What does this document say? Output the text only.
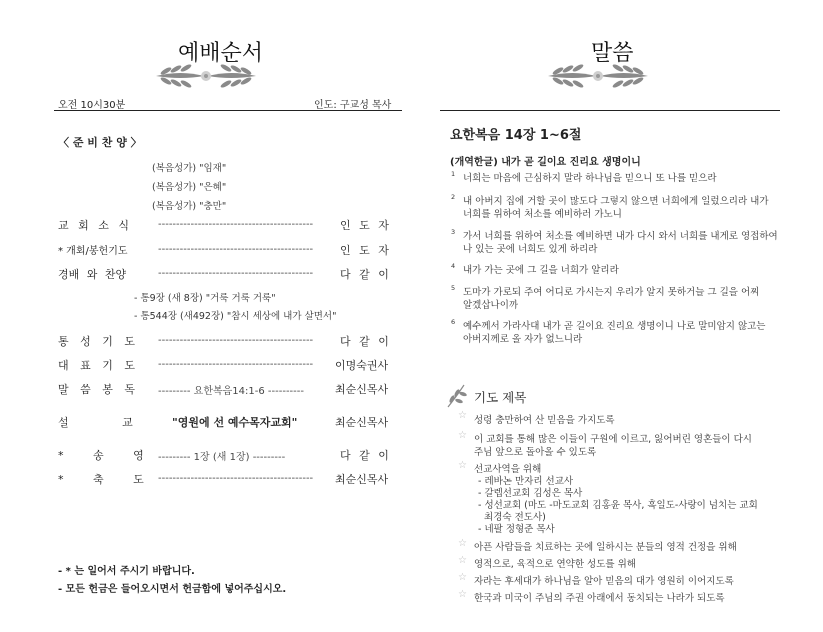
예배순서
오전 10시30분	인도: 구교성 목사
〈 준 비 찬 양 〉
(복음성가) "임재"
(복음성가) "은혜"
(복음성가) "충만"
교 회 소 식	------------------------------------------- 인 도 자
* 개회/봉헌기도	------------------------------------------- 인 도 자
경배 와 찬양	------------------------------------------- 다 같 이
- 통9장 (새 8장) "거룩 거룩 거룩"
- 통544장 (새492장) "참시 세상에 내가 살면서"
통 성 기 도 ------------------------------------------- 다 같 이
대 표 기 도 ------------------------------------------- 이명숙권사
말 씀 봉 독 --------- 요한복음14:1-6 ----------	최순신목사
설 교	"영원에 선 예수목자교회"	최순신목사
* 송 영 --------- 1장 (새 1장) ---------	다 같 이
* 축 도 ------------------------------------------- 최순신목사
- * 는 일어서 주시기 바랍니다.
- 모든 헌금은 들어오시면서 헌금함에 넣어주십시오.
말씀
요한복음 14장 1~6절
(개역한글) 내가 곧 길이요 진리요 생명이니
1 너희는 마음에 근심하지 말라 하나님을 믿으니 또 나를 믿으라
2 내 아버지 집에 거할 곳이 많도다 그렇지 않으면 너희에게 일렀으리라 내가
너희를 위하여 처소를 예비하러 가노니
3 가서 너희를 위하여 처소를 예비하면 내가 다시 와서 너희를 내게로 영접하여
나 있는 곳에 너희도 있게 하리라
4 내가 가는 곳에 그 길을 너희가 알리라
5 도마가 가로되 주여 어디로 가시는지 우리가 알지 못하거늘 그 길을 어찌
알겠삽나이까
6 예수께서 가라사대 내가 곧 길이요 진리요 생명이니 나로 말미암지 않고는
아버지께로 올 자가 없느니라
기도 제목
☆ 성령 충만하여 산 믿음을 가지도록
☆ 이 교회를 통해 많은 이들이 구원에 이르고, 잃어버린 영혼들이 다시
주님 앞으로 돌아올 수 있도록
☆ 선교사역을 위해
- 레바논 만자리 선교사
- 갈렙선교회 김성은 목사
- 성선교회 (마도 -마도교회 김홍윤 목사, 흑일도-사랑이 넘치는 교회
최경숙 전도사)
- 네팔 정형준 목사
☆ 아픈 사람들을 치료하는 곳에 일하시는 분들의 영적 건정을 위해
☆ 영적으로, 육적으로 연약한 성도를 위해
☆ 자라는 후세대가 하나님을 알아 믿음의 대가 영원히 이어지도록
☆ 한국과 미국이 주님의 주권 아래에서 동치되는 나라가 되도록
